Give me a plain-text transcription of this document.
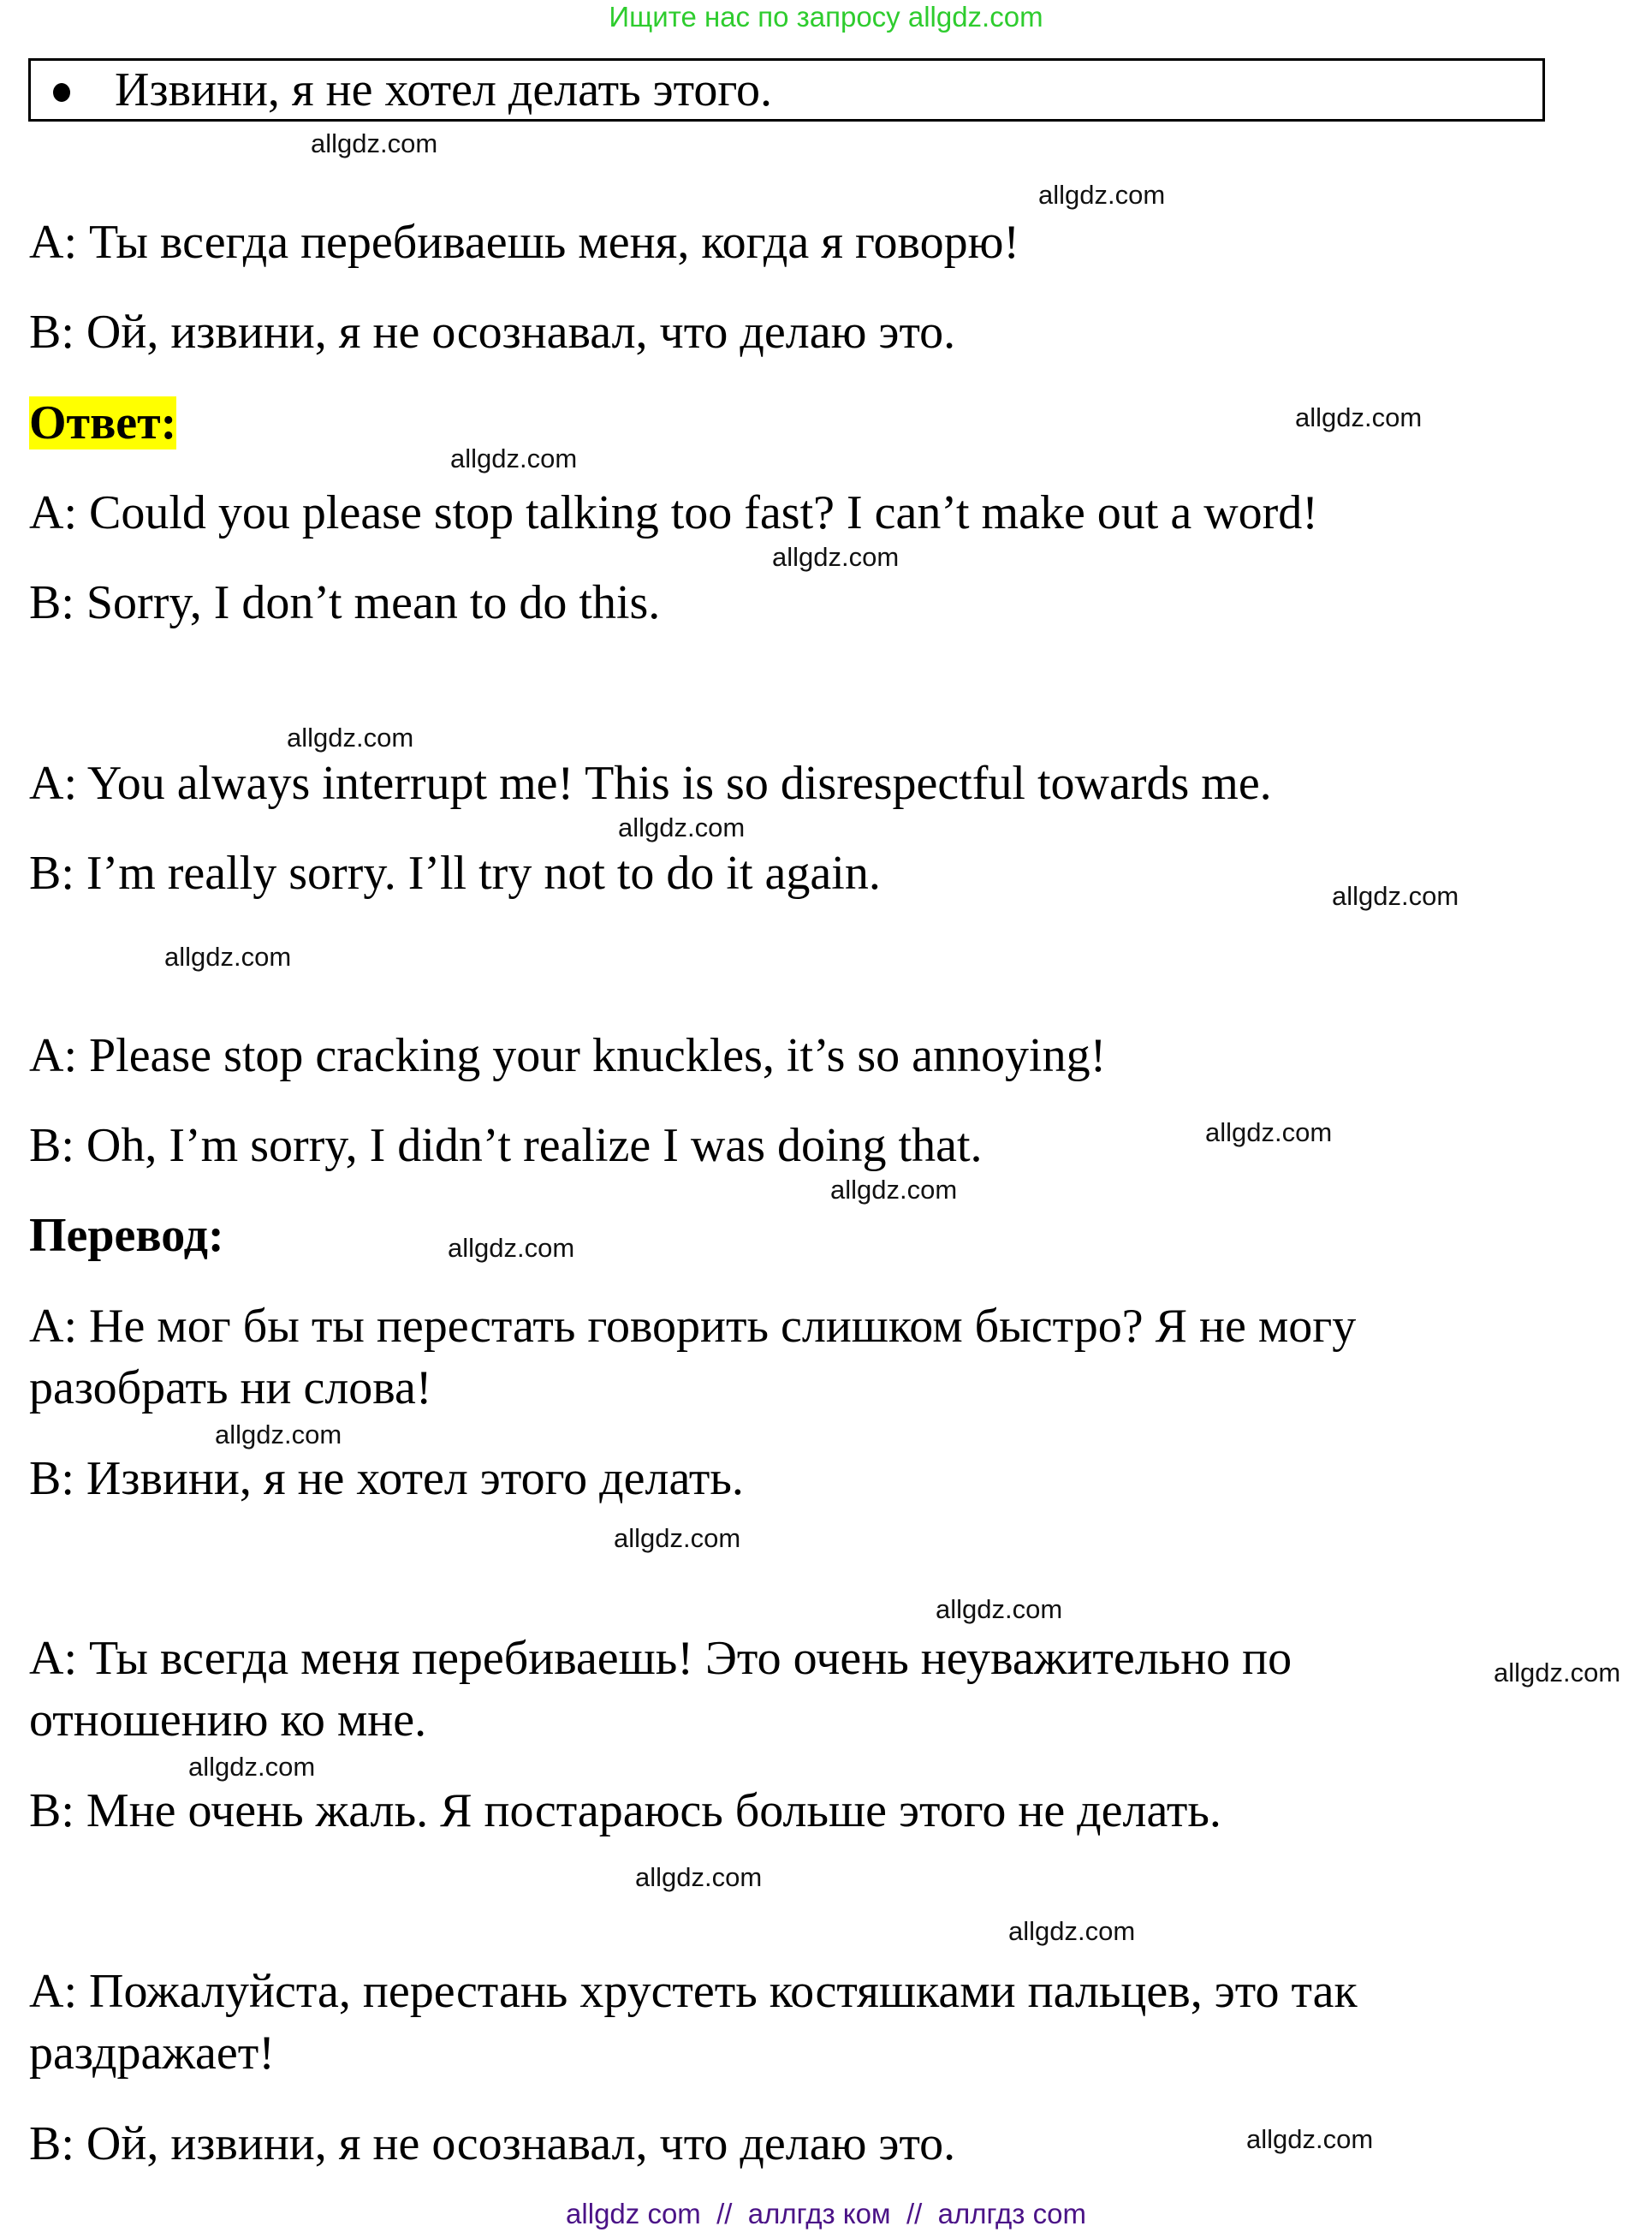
Ищите нас по запросу allgdz.com
Извини, я не хотел делать этого.
A: Ты всегда перебиваешь меня, когда я говорю!
B: Ой, извини, я не осознавал, что делаю это.
Ответ:
A: Could you please stop talking too fast? I can’t make out a word!
B: Sorry, I don’t mean to do this.
A: You always interrupt me! This is so disrespectful towards me.
B: I’m really sorry. I’ll try not to do it again.
A: Please stop cracking your knuckles, it’s so annoying!
B: Oh, I’m sorry, I didn’t realize I was doing that.
Перевод:
A: Не мог бы ты перестать говорить слишком быстро? Я не могу разобрать ни слова!
B: Извини, я не хотел этого делать.
A: Ты всегда меня перебиваешь! Это очень неуважительно по отношению ко мне.
B: Мне очень жаль. Я постараюсь больше этого не делать.
A: Пожалуйста, перестань хрустеть костяшками пальцев, это так раздражает!
B: Ой, извини, я не осознавал, что делаю это.
allgdz.com
allgdz.com
allgdz.com
allgdz.com
allgdz.com
allgdz.com
allgdz.com
allgdz.com
allgdz.com
allgdz.com
allgdz.com
allgdz.com
allgdz.com
allgdz.com
allgdz.com
allgdz.com
allgdz.com
allgdz.com
allgdz.com
allgdz.com
allgdz com  //  аллгдз ком  //  аллгдз com
